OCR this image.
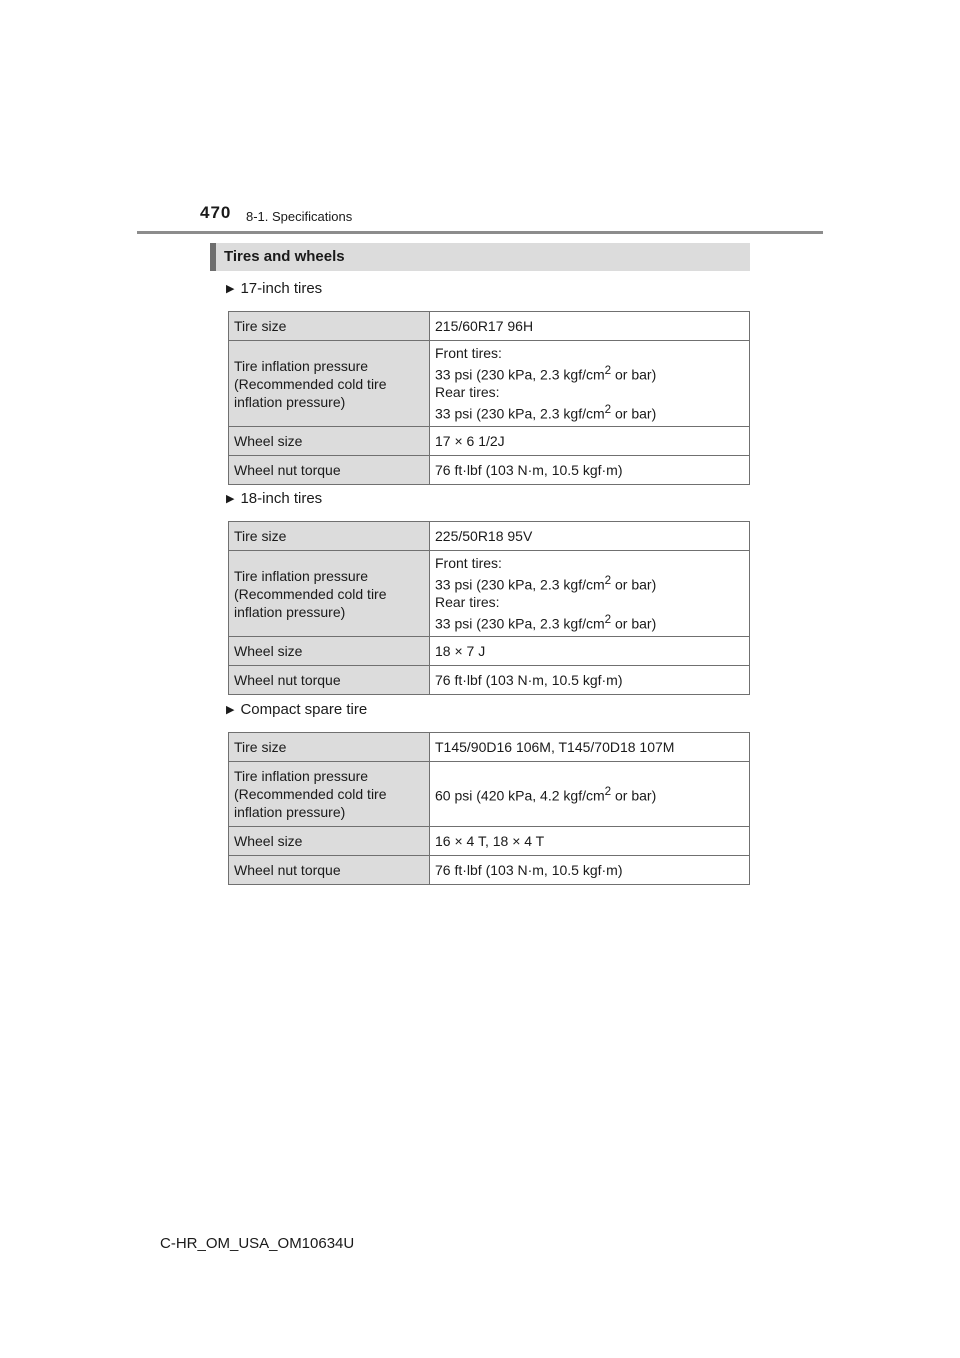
470 8-1. Specifications
Tires and wheels
▶ 17-inch tires
Tire size	215/60R17 96H

Tire inflation pressure
(Recommended cold tire
inflation pressure)	Front tires:
33 psi (230 kPa, 2.3 kgf/$cm^2$ or bar)
Rear tires:
33 psi (230 kPa, 2.3 kgf/$cm^2$ or bar)

Wheel size	17 × 6 1/2J
Wheel nut torque	76 ft·lbf (103 N·m, 10.5 kgf·m)
▶ 18-inch tires
Tire size	225/50R18 95V

Tire inflation pressure
(Recommended cold tire
inflation pressure)	Front tires:
33 psi (230 kPa, 2.3 kgf/$cm^2$ or bar)
Rear tires:
33 psi (230 kPa, 2.3 kgf/$cm^2$ or bar)

Wheel size	18 × 7 J
Wheel nut torque	76 ft·lbf (103 N·m, 10.5 kgf·m)
▶ Compact spare tire
Tire size	T145/90D16 106M, T145/70D18 107M

Tire inflation pressure
(Recommended cold tire
inflation pressure)	60 psi (420 kPa, 4.2 kgf/$cm^2$ or bar)

Wheel size	16 × 4 T, 18 × 4 T
Wheel nut torque	76 ft·lbf (103 N·m, 10.5 kgf·m)
C-HR_OM_USA_OM10634U
